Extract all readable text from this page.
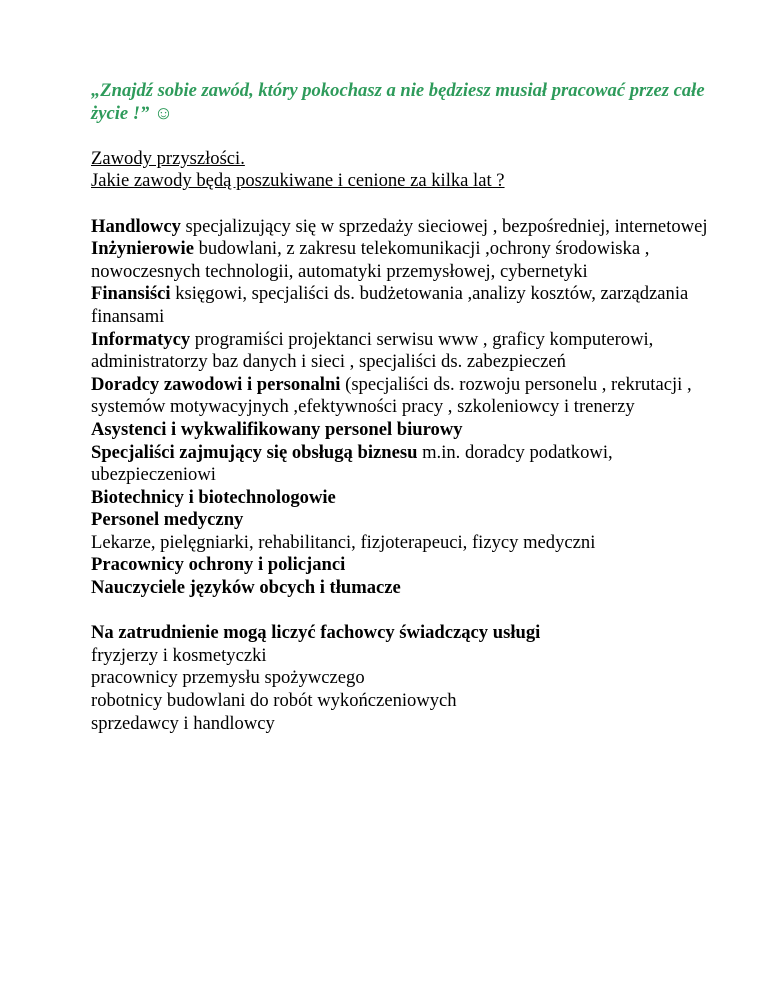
„Znajdź sobie zawód, który pokochasz a nie będziesz musiał pracować przez całe życie !” ☺

Zawody przyszłości.
Jakie zawody będą poszukiwane i cenione za kilka lat ?
Handlowcy specjalizujący się w sprzedaży sieciowej , bezpośredniej, internetowej
Inżynierowie budowlani, z zakresu telekomunikacji ,ochrony środowiska , nowoczesnych technologii, automatyki przemysłowej, cybernetyki
Finansiści księgowi, specjaliści ds. budżetowania ,analizy kosztów, zarządzania finansami
Informatycy programiści projektanci serwisu www , graficy komputerowi, administratorzy baz danych i sieci , specjaliści ds. zabezpieczeń
Doradcy zawodowi i personalni (specjaliści ds. rozwoju personelu , rekrutacji , systemów motywacyjnych ,efektywności pracy , szkoleniowcy i trenerzy
Asystenci i wykwalifikowany personel biurowy
Specjaliści zajmujący się obsługą biznesu m.in. doradcy podatkowi, ubezpieczeniowi
Biotechnicy i biotechnologowie
Personel medyczny
Lekarze, pielęgniarki, rehabilitanci, fizjoterapeuci, fizycy medyczni
Pracownicy ochrony i policjanci
Nauczyciele języków obcych i tłumacze
Na zatrudnienie mogą liczyć fachowcy świadczący usługi
fryzjerzy i kosmetyczki
pracownicy przemysłu spożywczego
robotnicy budowlani do robót wykończeniowych
sprzedawcy i handlowcy
